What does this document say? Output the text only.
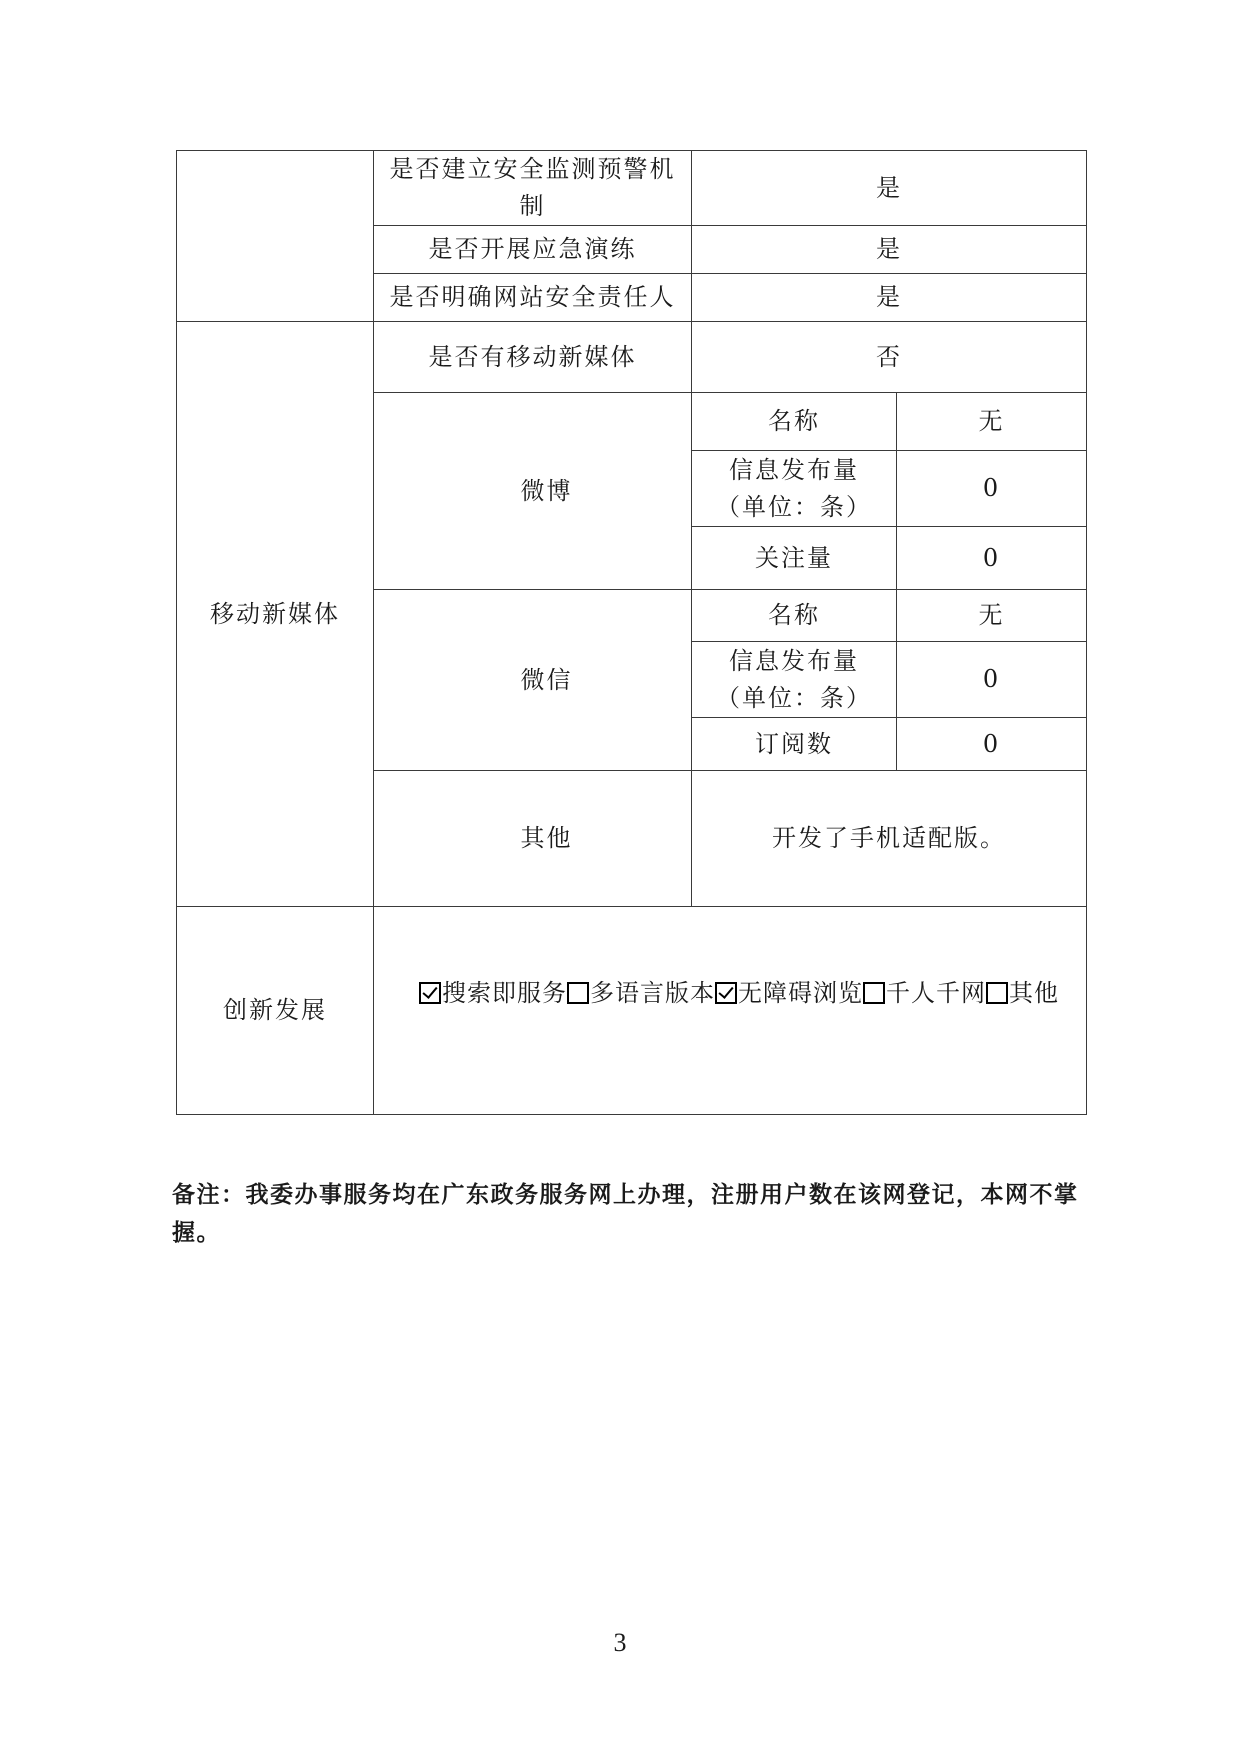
	是否建立安全监测预警机制	是	
	是否开展应急演练	是	
	是否明确网站安全责任人	是	
移动新媒体	是否有移动新媒体	否	
	微博	名称	无

		信息发布量
（单位：条）	0
		关注量	0
	微信	名称	无

		信息发布量
（单位：条）	0
		订阅数	0
	其他	开发了手机适配版。	
创新发展	搜索即服务 多语言版本 无障碍浏览 千人千网 其他		
备注：我委办事服务均在广东政务服务网上办理，注册用户数在该网登记，本网不掌握。
3
